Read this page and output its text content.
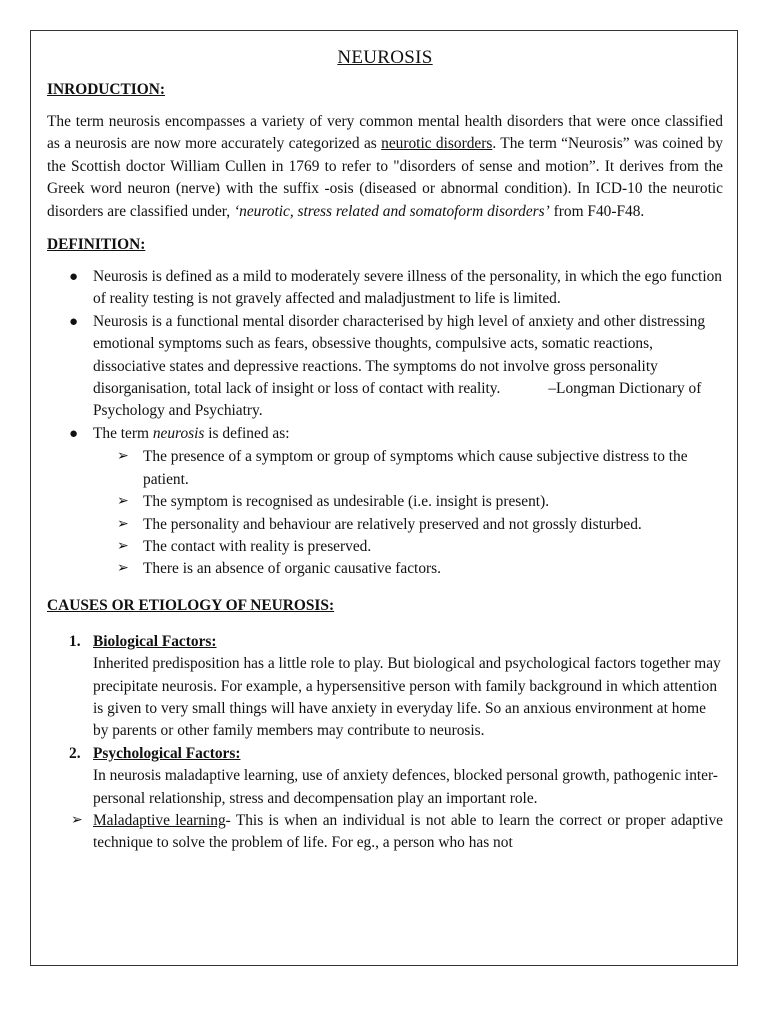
NEUROSIS
INRODUCTION:

The term neurosis encompasses a variety of very common mental health disorders that were once classified as a neurosis are now more accurately categorized as neurotic disorders. The term “Neurosis” was coined by the Scottish doctor William Cullen in 1769 to refer to "disorders of sense and motion”. It derives from the Greek word neuron (nerve) with the suffix -osis (diseased or abnormal condition). In ICD-10 the neurotic disorders are classified under, ‘neurotic, stress related and somatoform disorders’ from F40-F48.

DEFINITION:
● Neurosis is defined as a mild to moderately severe illness of the personality, in which the ego function of reality testing is not gravely affected and maladjustment to life is limited.
● Neurosis is a functional mental disorder characterised by high level of anxiety and other distressing emotional symptoms such as fears, obsessive thoughts, compulsive acts, somatic reactions, dissociative states and depressive reactions. The symptoms do not involve gross personality disorganisation, total lack of insight or loss of contact with reality.	–Longman Dictionary of Psychology and Psychiatry.
● The term neurosis is defined as:
➢ The presence of a symptom or group of symptoms which cause subjective distress to the patient.
➢ The symptom is recognised as undesirable (i.e. insight is present).
➢ The personality and behaviour are relatively preserved and not grossly disturbed.
➢ The contact with reality is preserved.
➢ There is an absence of organic causative factors.
CAUSES OR ETIOLOGY OF NEUROSIS:
1. Biological Factors:
Inherited predisposition has a little role to play. But biological and psychological factors together may precipitate neurosis. For example, a hypersensitive person with family background in which attention is given to very small things will have anxiety in everyday life. So an anxious environment at home by parents or other family members may contribute to neurosis.
2. Psychological Factors:
In neurosis maladaptive learning, use of anxiety defences, blocked personal growth, pathogenic inter-personal relationship, stress and decompensation play an important role.
➢ Maladaptive learning- This is when an individual is not able to learn the correct or proper adaptive technique to solve the problem of life. For eg., a person who has not
